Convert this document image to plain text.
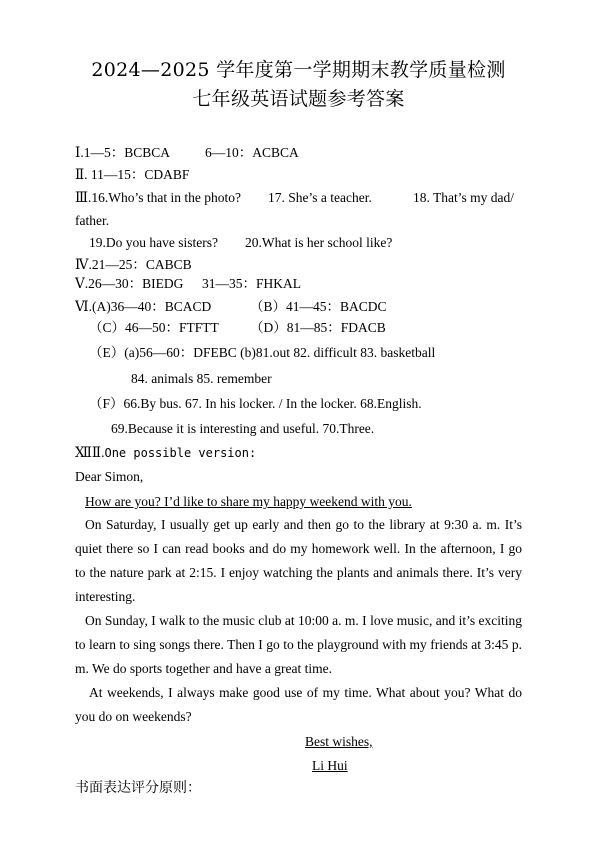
2024—2025 学年度第一学期期末教学质量检测
七年级英语试题参考答案
Ⅰ.1—5：BCBCA	6—10：ACBCA
Ⅱ. 11—15：CDABF
Ⅲ.16.Who’s that in the photo? 17. She’s a teacher.	18. That’s my dad/
father.
19.Do you have sisters? 20.What is her school like?
Ⅳ.21—25：CABCB
Ⅴ.26—30：BIEDG 31—35：FHKAL
Ⅵ.(A)36—40：BCACD	（B）41—45：BACDC
（C）46—50：FTFTT （D）81—85：FDACB
（E）(a)56—60：DFEBC (b)81.out 82. difficult 83. basketball
84. animals 85. remember
（F）66.By bus. 67. In his locker. / In the locker. 68.English.
69.Because it is interesting and useful. 70.Three.
ⅫⅡ.One possible version:
Dear Simon,
How are you? I’d like to share my happy weekend with you.
On Saturday, I usually get up early and then go to the library at 9:30 a. m. It’s quiet there so I can read books and do my homework well. In the afternoon, I go to the nature park at 2:15. I enjoy watching the plants and animals there. It’s very interesting.
On Sunday, I walk to the music club at 10:00 a. m. I love music, and it’s exciting to learn to sing songs there. Then I go to the playground with my friends at 3:45 p. m. We do sports together and have a great time.
At weekends, I always make good use of my time. What about you? What do you do on weekends?
Best wishes,
Li Hui
书面表达评分原则：
